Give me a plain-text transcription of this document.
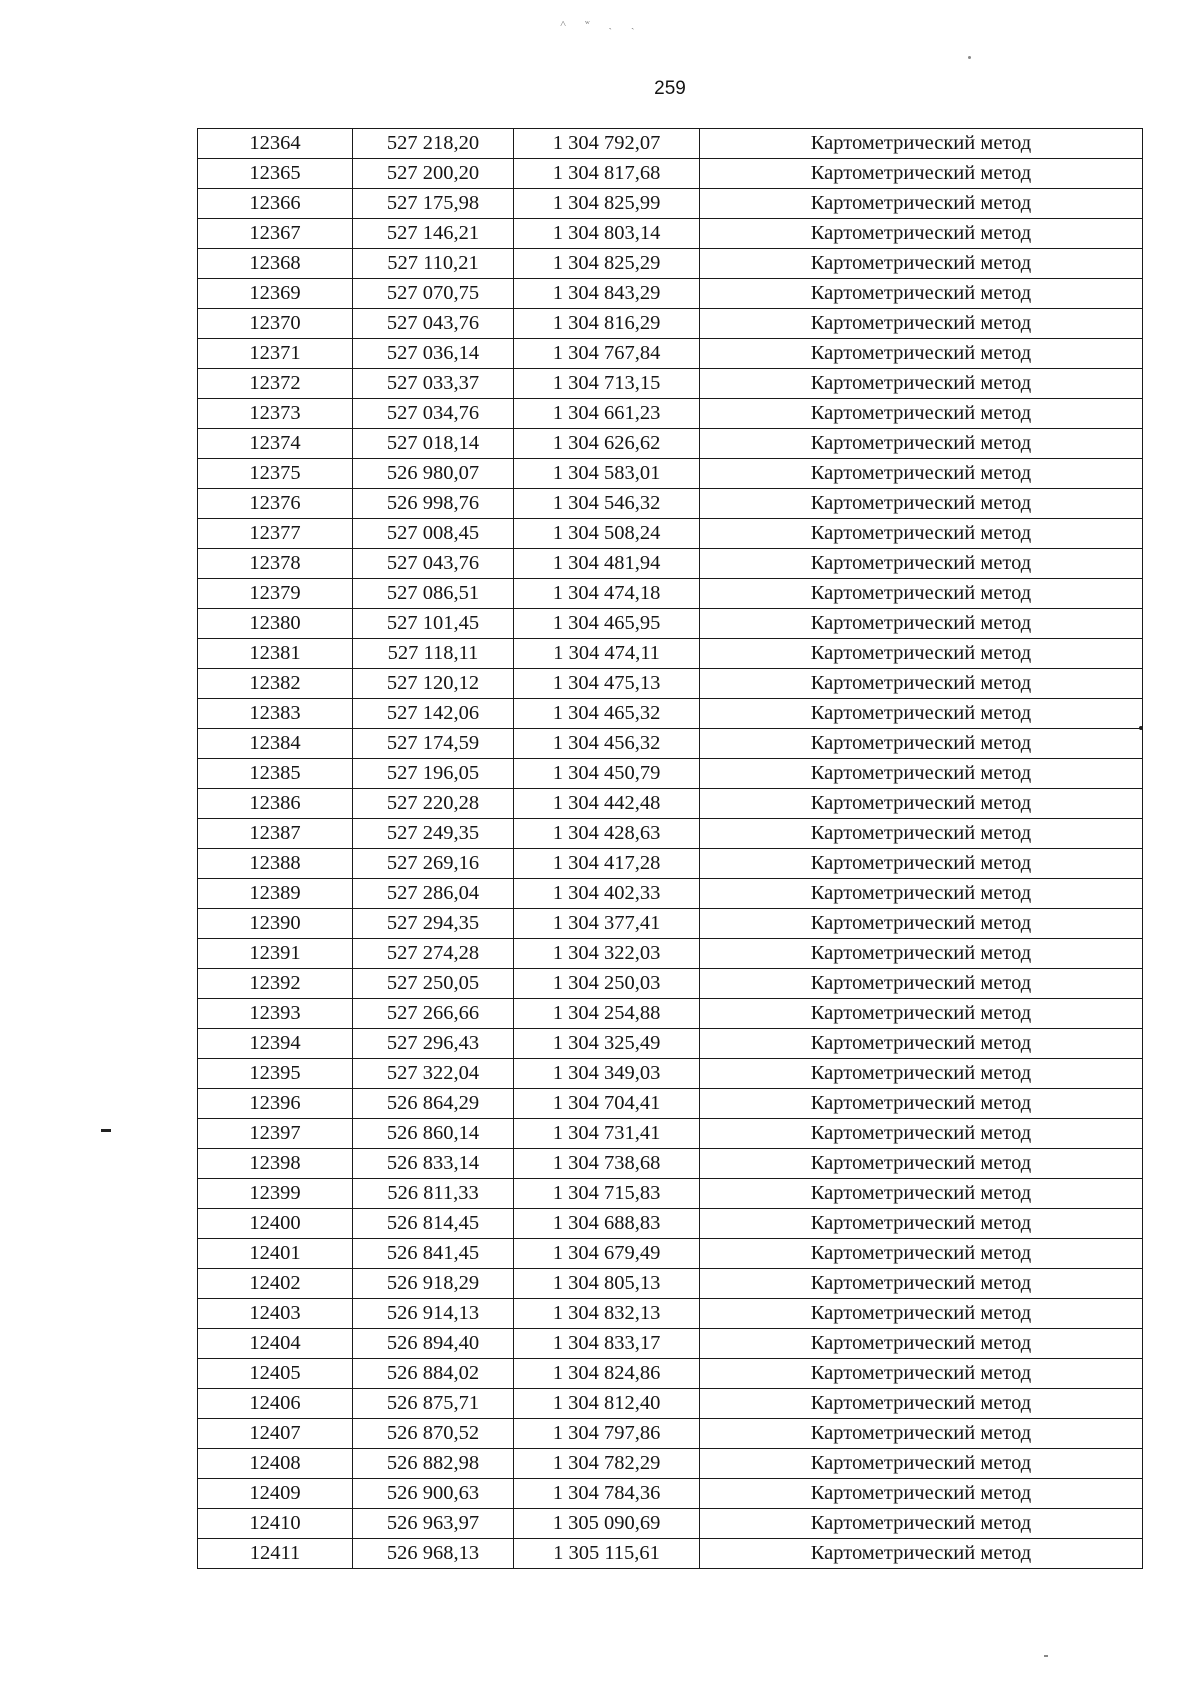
˄ ʷ ˎ ˏ
259
12364	527 218,20	1 304 792,07	Картометрический метод
12365	527 200,20	1 304 817,68	Картометрический метод
12366	527 175,98	1 304 825,99	Картометрический метод
12367	527 146,21	1 304 803,14	Картометрический метод
12368	527 110,21	1 304 825,29	Картометрический метод
12369	527 070,75	1 304 843,29	Картометрический метод
12370	527 043,76	1 304 816,29	Картометрический метод
12371	527 036,14	1 304 767,84	Картометрический метод
12372	527 033,37	1 304 713,15	Картометрический метод
12373	527 034,76	1 304 661,23	Картометрический метод
12374	527 018,14	1 304 626,62	Картометрический метод
12375	526 980,07	1 304 583,01	Картометрический метод
12376	526 998,76	1 304 546,32	Картометрический метод
12377	527 008,45	1 304 508,24	Картометрический метод
12378	527 043,76	1 304 481,94	Картометрический метод
12379	527 086,51	1 304 474,18	Картометрический метод
12380	527 101,45	1 304 465,95	Картометрический метод
12381	527 118,11	1 304 474,11	Картометрический метод
12382	527 120,12	1 304 475,13	Картометрический метод
12383	527 142,06	1 304 465,32	Картометрический метод
12384	527 174,59	1 304 456,32	Картометрический метод
12385	527 196,05	1 304 450,79	Картометрический метод
12386	527 220,28	1 304 442,48	Картометрический метод
12387	527 249,35	1 304 428,63	Картометрический метод
12388	527 269,16	1 304 417,28	Картометрический метод
12389	527 286,04	1 304 402,33	Картометрический метод
12390	527 294,35	1 304 377,41	Картометрический метод
12391	527 274,28	1 304 322,03	Картометрический метод
12392	527 250,05	1 304 250,03	Картометрический метод
12393	527 266,66	1 304 254,88	Картометрический метод
12394	527 296,43	1 304 325,49	Картометрический метод
12395	527 322,04	1 304 349,03	Картометрический метод
12396	526 864,29	1 304 704,41	Картометрический метод
12397	526 860,14	1 304 731,41	Картометрический метод
12398	526 833,14	1 304 738,68	Картометрический метод
12399	526 811,33	1 304 715,83	Картометрический метод
12400	526 814,45	1 304 688,83	Картометрический метод
12401	526 841,45	1 304 679,49	Картометрический метод
12402	526 918,29	1 304 805,13	Картометрический метод
12403	526 914,13	1 304 832,13	Картометрический метод
12404	526 894,40	1 304 833,17	Картометрический метод
12405	526 884,02	1 304 824,86	Картометрический метод
12406	526 875,71	1 304 812,40	Картометрический метод
12407	526 870,52	1 304 797,86	Картометрический метод
12408	526 882,98	1 304 782,29	Картометрический метод
12409	526 900,63	1 304 784,36	Картометрический метод
12410	526 963,97	1 305 090,69	Картометрический метод
12411	526 968,13	1 305 115,61	Картометрический метод
